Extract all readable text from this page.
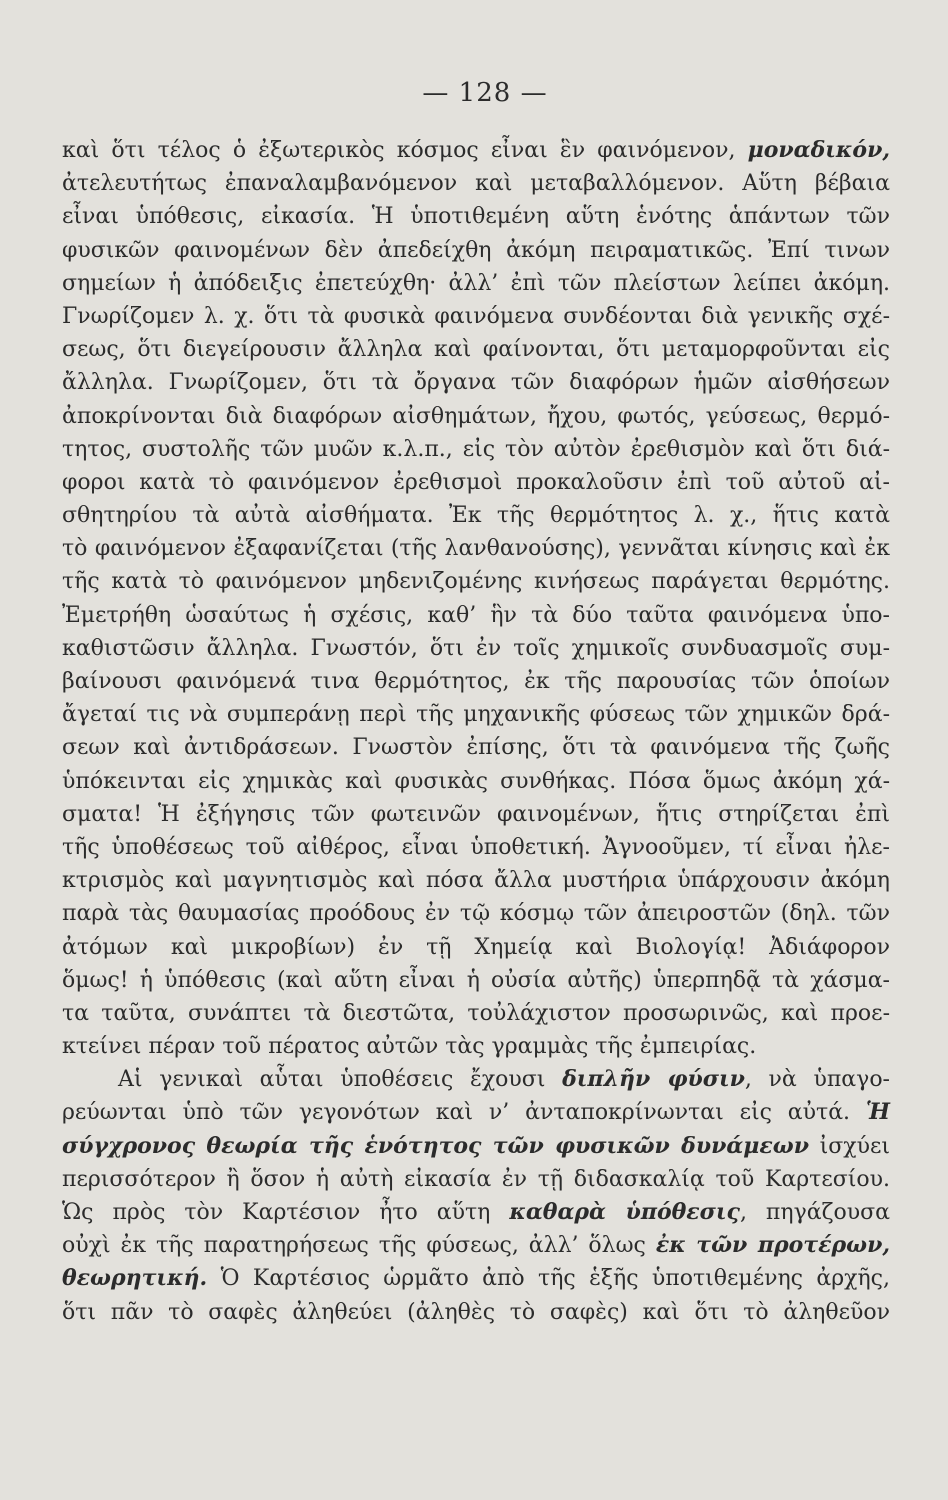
— 128 —
καὶ ὅτι τέλος ὁ ἐξωτερικὸς κόσμος εἶναι ἓν φαινόμενον, μοναδικόν,
ἀτελευτήτως ἐπαναλαμβανόμενον καὶ μεταβαλλόμενον. Αὕτη βέβαια
εἶναι ὑπόθεσις, εἰκασία. Ἡ ὑποτιθεμένη αὕτη ἑνότης ἁπάντων τῶν
φυσικῶν φαινομένων δὲν ἀπεδείχθη ἀκόμη πειραματικῶς. Ἐπί τινων
σημείων ἡ ἀπόδειξις ἐπετεύχθη· ἀλλ’ ἐπὶ τῶν πλείστων λείπει ἀκόμη.
Γνωρίζομεν λ. χ. ὅτι τὰ φυσικὰ φαινόμενα συνδέονται διὰ γενικῆς σχέ-
σεως, ὅτι διεγείρουσιν ἄλληλα καὶ φαίνονται, ὅτι μεταμορφοῦνται εἰς
ἄλληλα. Γνωρίζομεν, ὅτι τὰ ὄργανα τῶν διαφόρων ἡμῶν αἰσθήσεων
ἀποκρίνονται διὰ διαφόρων αἰσθημάτων, ἤχου, φωτός, γεύσεως, θερμό-
τητος, συστολῆς τῶν μυῶν κ.λ.π., εἰς τὸν αὐτὸν ἐρεθισμὸν καὶ ὅτι διά-
φοροι κατὰ τὸ φαινόμενον ἐρεθισμοὶ προκαλοῦσιν ἐπὶ τοῦ αὐτοῦ αἰ-
σθητηρίου τὰ αὐτὰ αἰσθήματα. Ἐκ τῆς θερμότητος λ. χ., ἥτις κατὰ
τὸ φαινόμενον ἐξαφανίζεται (τῆς λανθανούσης), γεννᾶται κίνησις καὶ ἐκ
τῆς κατὰ τὸ φαινόμενον μηδενιζομένης κινήσεως παράγεται θερμότης.
Ἐμετρήθη ὡσαύτως ἡ σχέσις, καθ’ ἣν τὰ δύο ταῦτα φαινόμενα ὑπο-
καθιστῶσιν ἄλληλα. Γνωστόν, ὅτι ἐν τοῖς χημικοῖς συνδυασμοῖς συμ-
βαίνουσι φαινόμενά τινα θερμότητος, ἐκ τῆς παρουσίας τῶν ὁποίων
ἄγεταί τις νὰ συμπεράνῃ περὶ τῆς μηχανικῆς φύσεως τῶν χημικῶν δρά-
σεων καὶ ἀντιδράσεων. Γνωστὸν ἐπίσης, ὅτι τὰ φαινόμενα τῆς ζωῆς
ὑπόκεινται εἰς χημικὰς καὶ φυσικὰς συνθήκας. Πόσα ὅμως ἀκόμη χά-
σματα! Ἡ ἐξήγησις τῶν φωτεινῶν φαινομένων, ἥτις στηρίζεται ἐπὶ
τῆς ὑποθέσεως τοῦ αἰθέρος, εἶναι ὑποθετική. Ἀγνοοῦμεν, τί εἶναι ἠλε-
κτρισμὸς καὶ μαγνητισμὸς καὶ πόσα ἄλλα μυστήρια ὑπάρχουσιν ἀκόμη
παρὰ τὰς θαυμασίας προόδους ἐν τῷ κόσμῳ τῶν ἀπειροστῶν (δηλ. τῶν
ἀτόμων καὶ μικροβίων) ἐν τῇ Χημείᾳ καὶ Βιολογίᾳ! Ἀδιάφορον
ὅμως! ἡ ὑπόθεσις (καὶ αὕτη εἶναι ἡ οὐσία αὐτῆς) ὑπερπηδᾷ τὰ χάσμα-
τα ταῦτα, συνάπτει τὰ διεστῶτα, τοὐλάχιστον προσωρινῶς, καὶ προε-
κτείνει πέραν τοῦ πέρατος αὐτῶν τὰς γραμμὰς τῆς ἐμπειρίας.
Αἱ γενικαὶ αὗται ὑποθέσεις ἔχουσι διπλῆν φύσιν, νὰ ὑπαγο-
ρεύωνται ὑπὸ τῶν γεγονότων καὶ ν’ ἀνταποκρίνωνται εἰς αὐτά. Ἡ
σύγχρονος θεωρία τῆς ἑνότητος τῶν φυσικῶν δυνάμεων ἰσχύει
περισσότερον ἢ ὅσον ἡ αὐτὴ εἰκασία ἐν τῇ διδασκαλίᾳ τοῦ Καρτεσίου.
Ὡς πρὸς τὸν Καρτέσιον ἦτο αὕτη καθαρὰ ὑπόθεσις, πηγάζουσα
οὐχὶ ἐκ τῆς παρατηρήσεως τῆς φύσεως, ἀλλ’ ὅλως ἐκ τῶν προτέρων,
θεωρητική. Ὁ Καρτέσιος ὡρμᾶτο ἀπὸ τῆς ἑξῆς ὑποτιθεμένης ἀρχῆς,
ὅτι πᾶν τὸ σαφὲς ἀληθεύει (ἀληθὲς τὸ σαφὲς) καὶ ὅτι τὸ ἀληθεῦον
